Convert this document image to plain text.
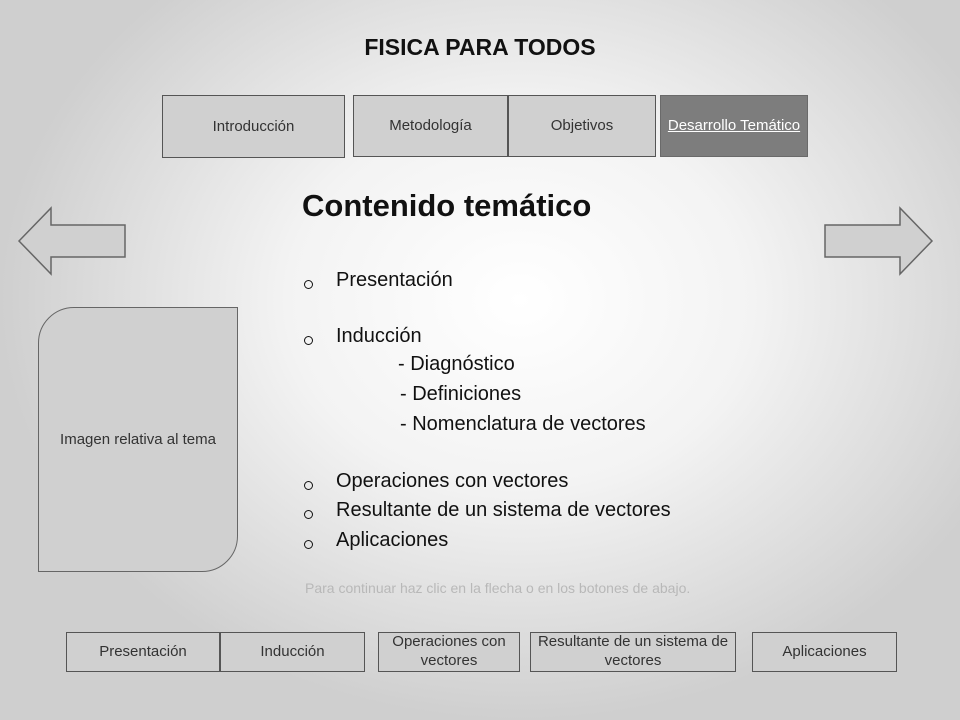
FISICA PARA TODOS
Introducción	Metodología	Objetivos	Desarrollo Temático
Contenido temático
Presentación
Inducción
- Diagnóstico
- Definiciones
- Nomenclatura de vectores
Operaciones con vectores
Resultante de un sistema de vectores
Aplicaciones
Para continuar haz clic en la flecha o en los botones de abajo.
Imagen relativa al tema
Presentación	Inducción
Operaciones con vectores
Resultante de un sistema de vectores
Aplicaciones
